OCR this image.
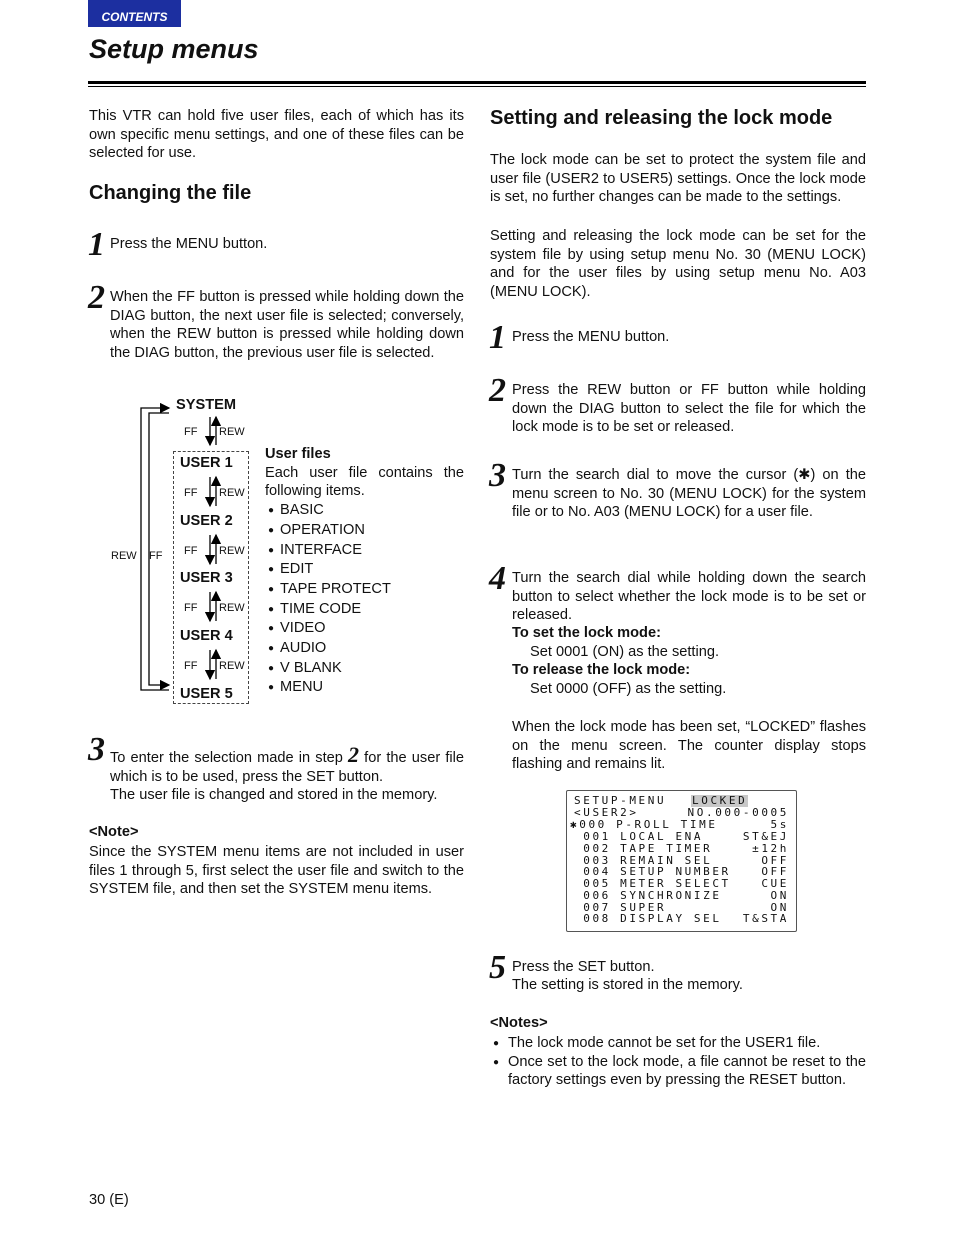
CONTENTS
Setup menus
This VTR can hold five user files, each of which has its own specific menu settings, and one of these files can be selected for use.
Changing the file
1 Press the MENU button.
2 When the FF button is pressed while holding down the DIAG button, the next user file is selected; conversely, when the REW button is pressed while holding down the DIAG button, the previous user file is selected.
SYSTEM
FF REW
USER 1
FF REW
USER 2
FF REW
USER 3
FF REW
USER 4
FF REW
USER 5
REW FF
User files
Each user file contains the following items.
● BASIC
● OPERATION
● INTERFACE
● EDIT
● TAPE PROTECT
● TIME CODE
● VIDEO
● AUDIO
● V BLANK
● MENU
3 To enter the selection made in step 2 for the user file which is to be used, press the SET button.
The user file is changed and stored in the memory.
<Note>
Since the SYSTEM menu items are not included in user files 1 through 5, first select the user file and switch to the SYSTEM file, and then set the SYSTEM menu items.
Setting and releasing the lock mode
The lock mode can be set to protect the system file and user file (USER2 to USER5) settings. Once the lock mode is set, no further changes can be made to the settings.
Setting and releasing the lock mode can be set for the system file by using setup menu No. 30 (MENU LOCK) and for the user files by using setup menu No. A03 (MENU LOCK).
1 Press the MENU button.
2 Press the REW button or FF button while holding down the DIAG button to select the file for which the lock mode is to be set or released.
3 Turn the search dial to move the cursor (✱) on the menu screen to No. 30 (MENU LOCK) for the system file or to No. A03 (MENU LOCK) for a user file.
4 Turn the search dial while holding down the search button to select whether the lock mode is to be set or released.
To set the lock mode:
Set 0001 (ON) as the setting.
To release the lock mode:
Set 0000 (OFF) as the setting.
When the lock mode has been set, “LOCKED” flashes on the menu screen. The counter display stops flashing and remains lit.
SETUP-MENU LOCKED
<USER2>	NO.000-0005
✱000 P-ROLL TIME	5s
001 LOCAL ENA	ST&EJ
002 TAPE TIMER	±12h
003 REMAIN SEL	OFF
004 SETUP NUMBER	OFF
005 METER SELECT	CUE
006 SYNCHRONIZE	ON
007 SUPER	ON
008 DISPLAY SEL T&STA
5 Press the SET button.
The setting is stored in the memory.
<Notes>
● The lock mode cannot be set for the USER1 file.
● Once set to the lock mode, a file cannot be reset to the factory settings even by pressing the RESET button.
30 (E)
